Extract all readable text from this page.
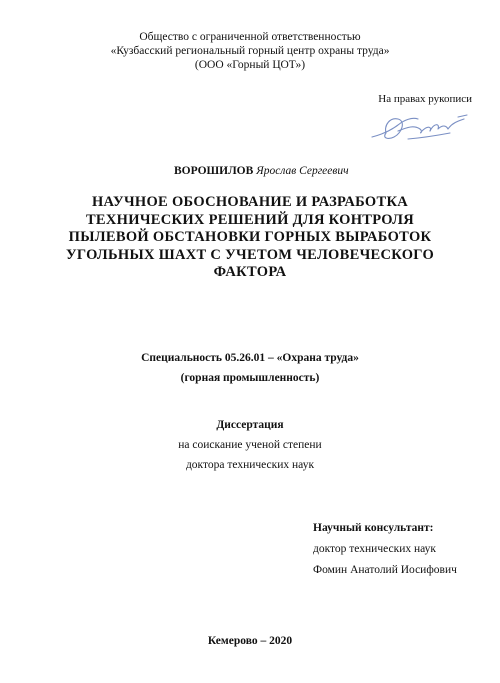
Общество с ограниченной ответственностью
«Кузбасский региональный горный центр охраны труда»
(ООО «Горный ЦОТ»)
На правах рукописи
ВОРОШИЛОВ Ярослав Сергеевич
НАУЧНОЕ ОБОСНОВАНИЕ И РАЗРАБОТКА
ТЕХНИЧЕСКИХ РЕШЕНИЙ ДЛЯ КОНТРОЛЯ
ПЫЛЕВОЙ ОБСТАНОВКИ ГОРНЫХ ВЫРАБОТОК
УГОЛЬНЫХ ШАХТ С УЧЕТОМ ЧЕЛОВЕЧЕСКОГО
ФАКТОРА
Специальность 05.26.01 – «Охрана труда»
(горная промышленность)
Диссертация
на соискание ученой степени
доктора технических наук
Научный консультант:
доктор технических наук
Фомин Анатолий Иосифович
Кемерово – 2020
